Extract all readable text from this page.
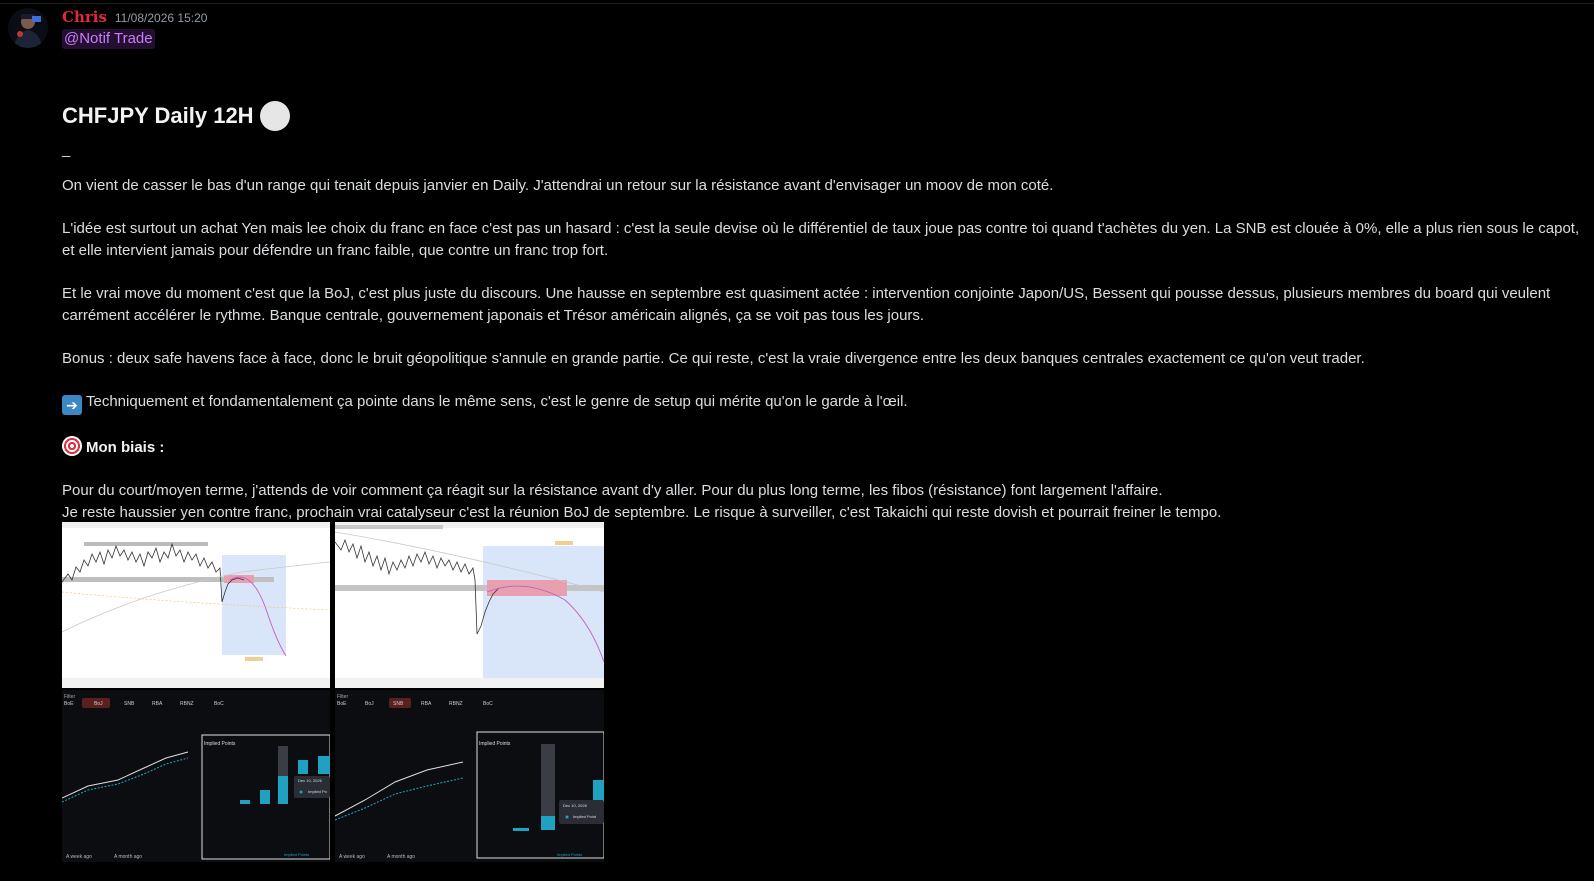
Chris 11/08/2026 15:20
@Notif Trade
CHFJPY Daily 12H

_

On vient de casser le bas d'un range qui tenait depuis janvier en Daily. J'attendrai un retour sur la résistance avant d'envisager un moov de mon coté.

L'idée est surtout un achat Yen mais lee choix du franc en face c'est pas un hasard : c'est la seule devise où le différentiel de taux joue pas contre toi quand t'achètes du yen. La SNB est clouée à 0%, elle a plus rien sous le capot, et elle intervient jamais pour défendre un franc faible, que contre un franc trop fort.

Et le vrai move du moment c'est que la BoJ, c'est plus juste du discours. Une hausse en septembre est quasiment actée : intervention conjointe Japon/US, Bessent qui pousse dessus, plusieurs membres du board qui veulent carrément accélérer le rythme. Banque centrale, gouvernement japonais et Trésor américain alignés, ça se voit pas tous les jours.

Bonus : deux safe havens face à face, donc le bruit géopolitique s'annule en grande partie. Ce qui reste, c'est la vraie divergence entre les deux banques centrales exactement ce qu'on veut trader.

➔ Techniquement et fondamentalement ça pointe dans le même sens, c'est le genre de setup qui mérite qu'on le garde à l'œil.

Mon biais :

Pour du court/moyen terme, j'attends de voir comment ça réagit sur la résistance avant d'y aller. Pour du plus long terme, les fibos (résistance) font largement l'affaire.

Je reste haussier yen contre franc, prochain vrai catalyseur c'est la réunion BoJ de septembre. Le risque à surveiller, c'est Takaichi qui reste dovish et pourrait freiner le tempo.

Filter
BoE	BoJ	SNB	RBA	RBNZ	BoC
Implied Points
Dec 10, 2026
Implied Po
A week ago	A month ago	Implied Points
Filter
BoE	BoJ	SNB	RBA	RBNZ	BoC
Implied Points
Dec 10, 2026
Implied Point
A week ago	A month ago	Implied Points
